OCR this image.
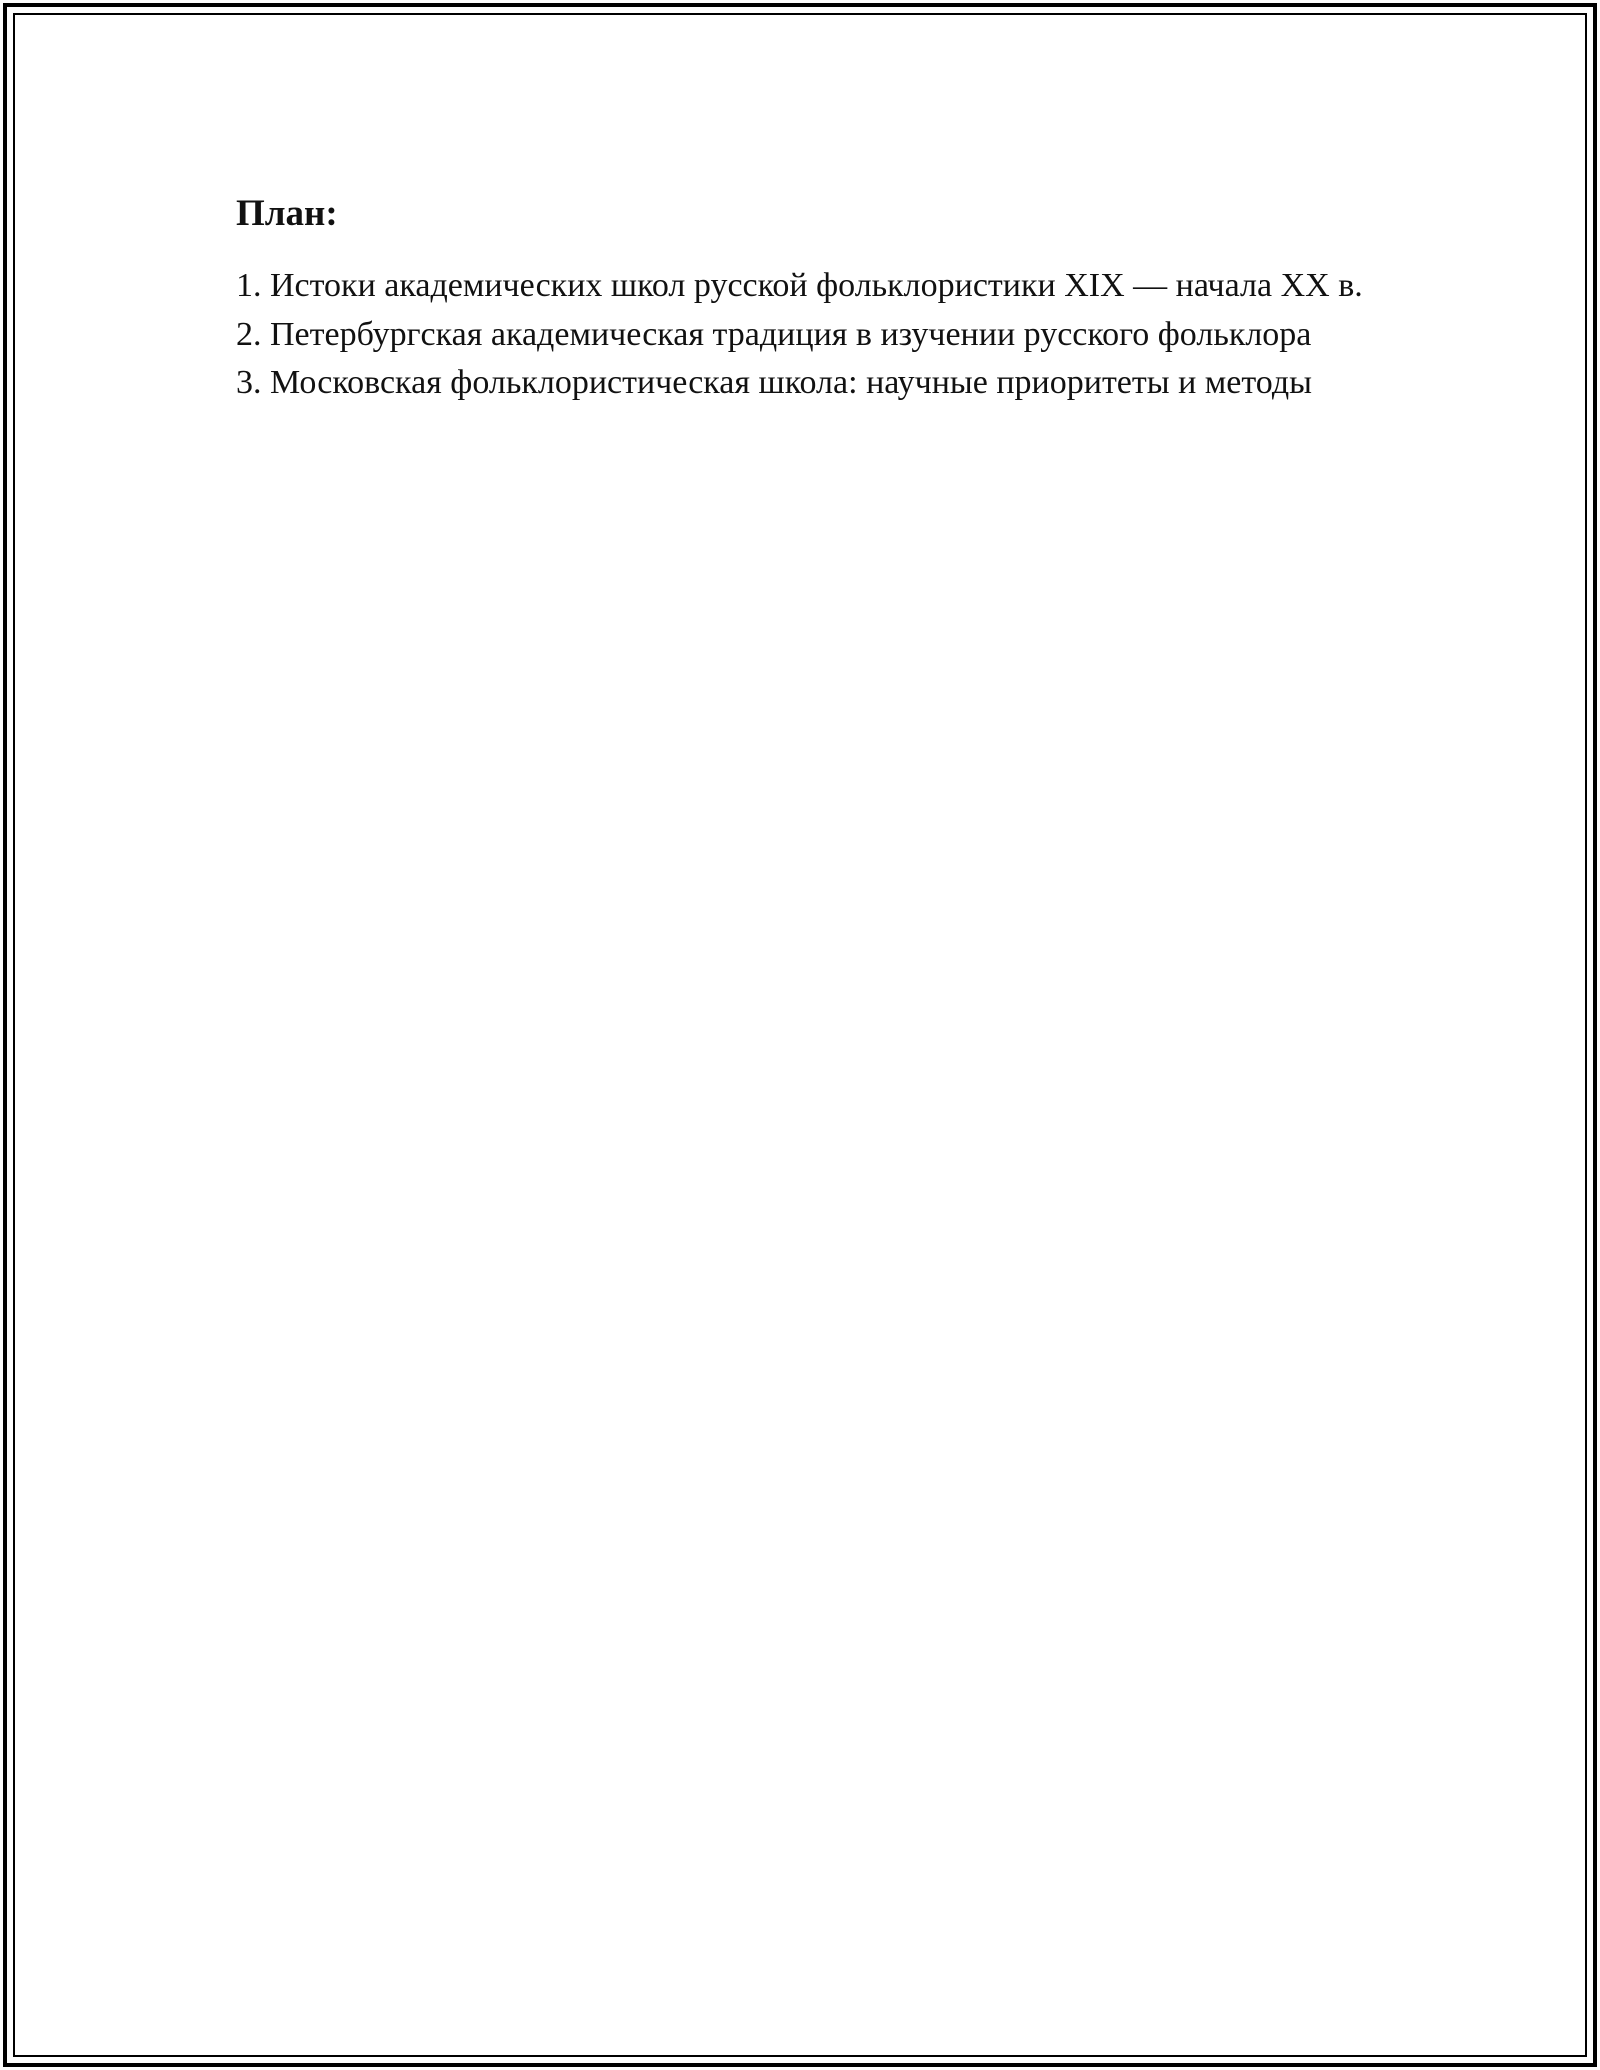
План:
1. Истоки академических школ русской фольклористики XIX — начала XX в.
2. Петербургская академическая традиция в изучении русского фольклора
3. Московская фольклористическая школа: научные приоритеты и методы
